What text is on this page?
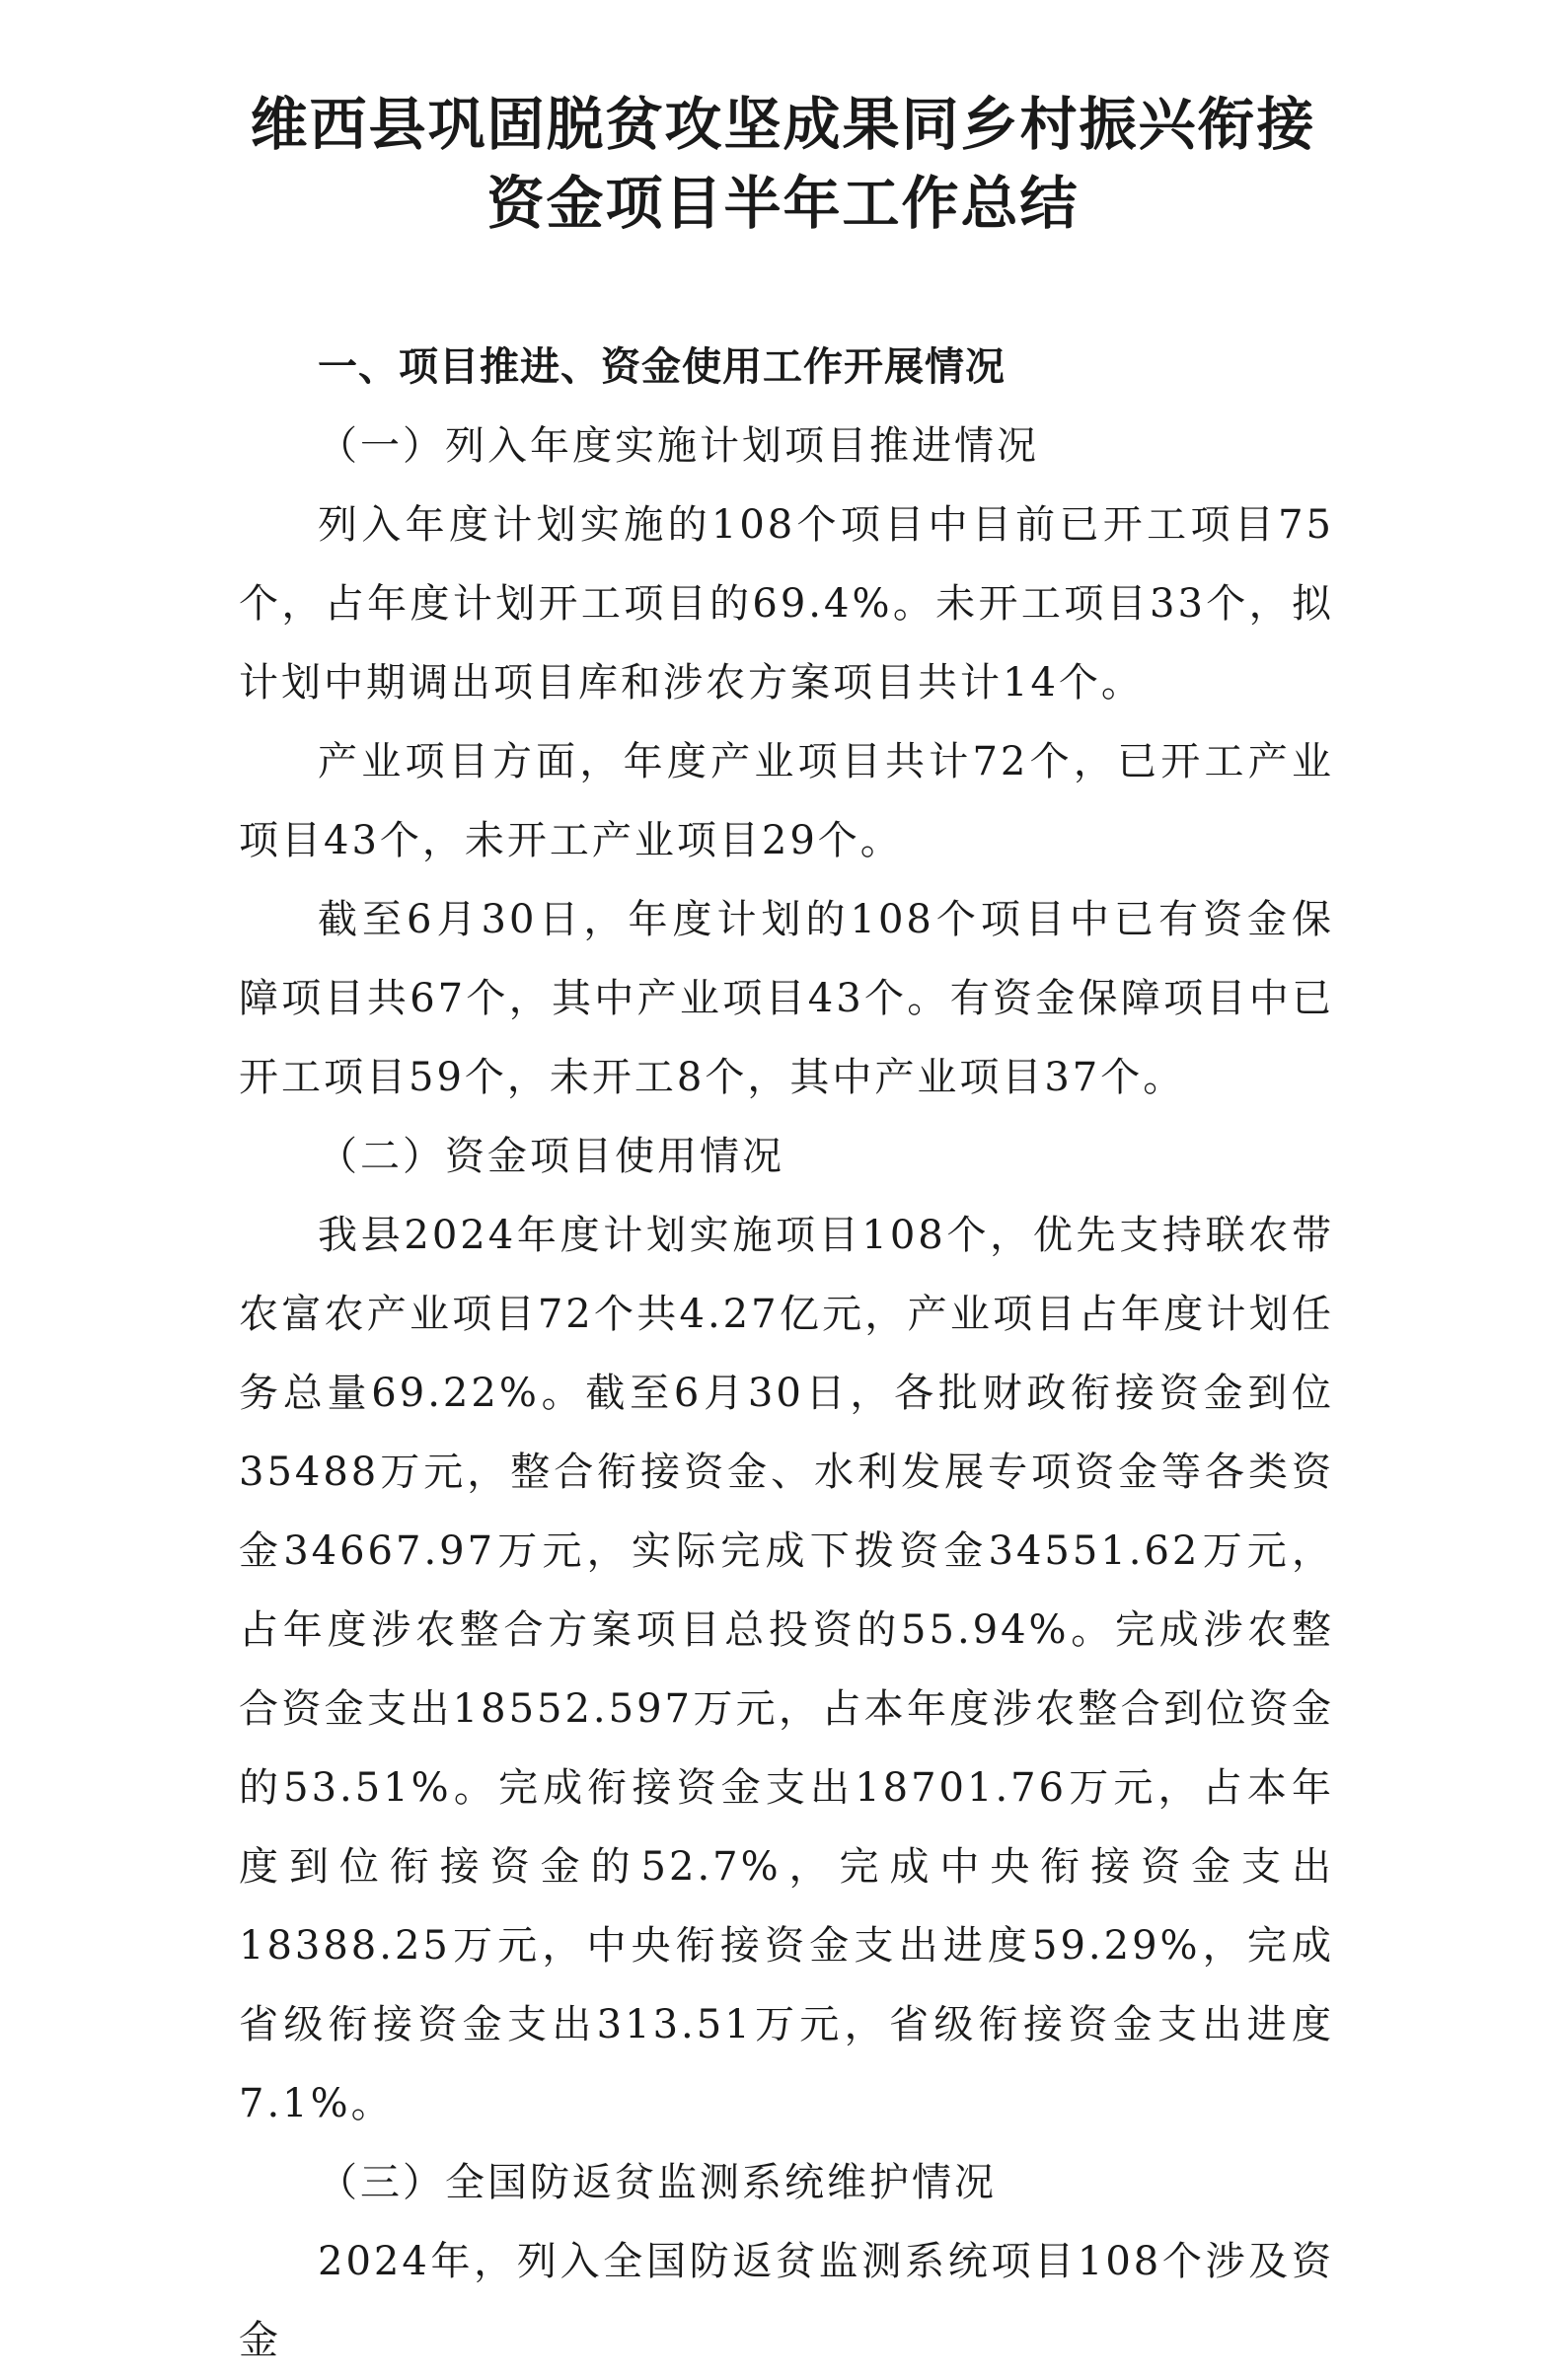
维西县巩固脱贫攻坚成果同乡村振兴衔接
资金项目半年工作总结
一、项目推进、资金使用工作开展情况
（一）列入年度实施计划项目推进情况

列入年度计划实施的108个项目中目前已开工项目75个，占年度计划开工项目的69.4%。未开工项目33个，拟计划中期调出项目库和涉农方案项目共计14个。

产业项目方面，年度产业项目共计72个，已开工产业项目43个，未开工产业项目29个。

截至6月30日，年度计划的108个项目中已有资金保障项目共67个，其中产业项目43个。有资金保障项目中已开工项目59个，未开工8个，其中产业项目37个。

（二）资金项目使用情况

我县2024年度计划实施项目108个，优先支持联农带农富农产业项目72个共4.27亿元，产业项目占年度计划任务总量69.22%。截至6月30日，各批财政衔接资金到位35488万元，整合衔接资金、水利发展专项资金等各类资金34667.97万元，实际完成下拨资金34551.62万元，占年度涉农整合方案项目总投资的55.94%。完成涉农整合资金支出18552.597万元，占本年度涉农整合到位资金的53.51%。完成衔接资金支出18701.76万元，占本年度到位衔接资金的52.7%，完成中央衔接资金支出18388.25万元，中央衔接资金支出进度59.29%，完成省级衔接资金支出313.51万元，省级衔接资金支出进度7.1%。

（三）全国防返贫监测系统维护情况

2024年，列入全国防返贫监测系统项目108个涉及资金
